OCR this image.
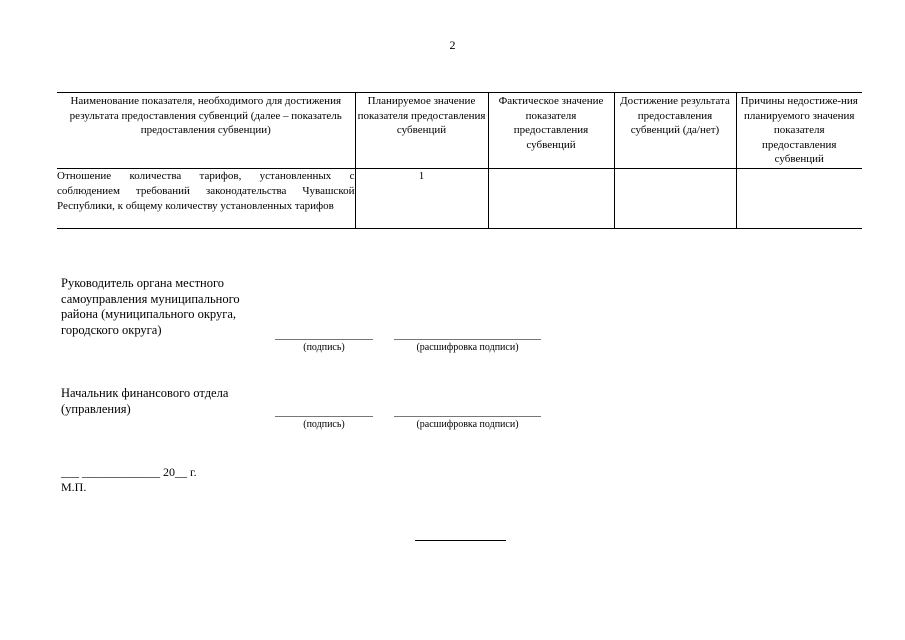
2
Наименование показателя, необходимого для достижения результата предоставления субвенций (далее – показатель предоставления субвенции)	Планируемое значение показателя предоставления субвенций	Фактическое значение показателя предоставления субвенций	Достижение результата предоставления субвенций (да/нет)	Причины недостиже-ния планируемого значения показателя предоставления субвенций
Отношение количества тарифов, установленных с соблюдением требований законодательства Чувашской Республики, к общему количеству установленных тарифов	1			
Руководитель органа местного самоуправления муниципального района (муниципального округа, городского округа)
(подпись)	(расшифровка подписи)
Начальник финансового отдела (управления)
(подпись)	(расшифровка подписи)
___ _____________ 20__ г.
М.П.
